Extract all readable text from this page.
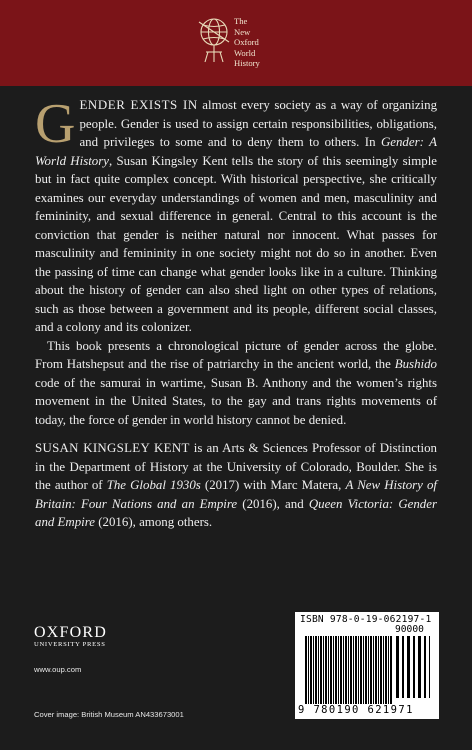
The
New
Oxford
World
History

GENDER EXISTS IN almost every society as a way of organizing people. Gender is used to assign certain responsibilities, obligations, and privileges to some and to deny them to others. In Gender: A World History, Susan Kingsley Kent tells the story of this seemingly simple but in fact quite complex concept. With historical perspective, she critically examines our everyday understandings of women and men, masculinity and femininity, and sexual difference in general. Central to this account is the conviction that gender is neither natural nor innocent. What passes for masculinity and femininity in one society might not do so in another. Even the passing of time can change what gender looks like in a culture. Thinking about the history of gender can also shed light on other types of relations, such as those between a government and its people, different social classes, and a colony and its colonizer.

This book presents a chronological picture of gender across the globe. From Hatshepsut and the rise of patriarchy in the ancient world, the Bushido code of the samurai in wartime, Susan B. Anthony and the women’s rights movement in the United States, to the gay and trans rights movements of today, the force of gender in world history cannot be denied.

SUSAN KINGSLEY KENT is an Arts & Sciences Professor of Distinction in the Department of History at the University of Colorado, Boulder. She is the author of The Global 1930s (2017) with Marc Matera, A New History of Britain: Four Nations and an Empire (2016), and Queen Victoria: Gender and Empire (2016), among others.

OXFORD
UNIVERSITY PRESS
www.oup.com
Cover image: British Museum AN433673001
ISBN 978-0-19-062197-1
90000
9 780190 621971
